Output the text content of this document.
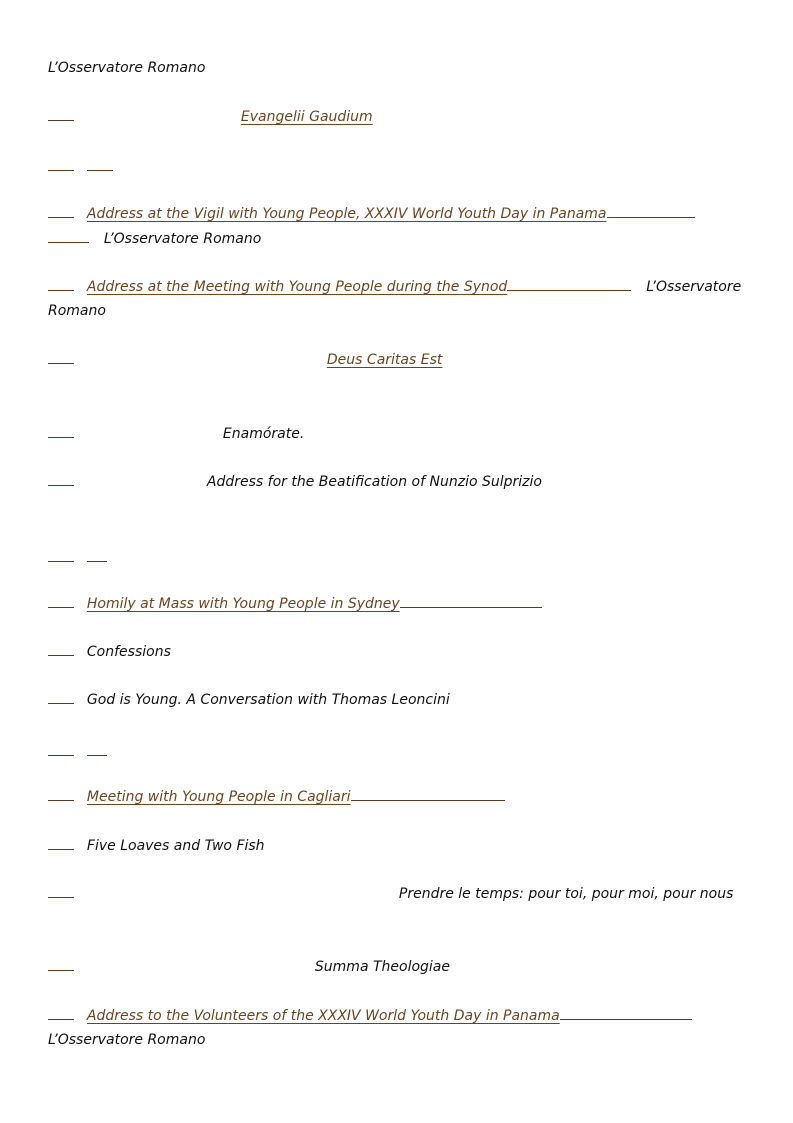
L’Osservatore Romano
Evangelii Gaudium

Address at the Vigil with Young People, XXXIV World Youth Day in Panama
L’Osservatore Romano
Address at the Meeting with Young People during the Synod	L’Osservatore
Romano
Deus Caritas Est
Enamórate.
Address for the Beatification of Nunzio Sulprizio

Homily at Mass with Young People in Sydney
Confessions
God is Young. A Conversation with Thomas Leoncini

Meeting with Young People in Cagliari
Five Loaves and Two Fish
Prendre le temps: pour toi, pour moi, pour nous
Summa Theologiae
Address to the Volunteers of the XXXIV World Youth Day in Panama
L’Osservatore Romano
